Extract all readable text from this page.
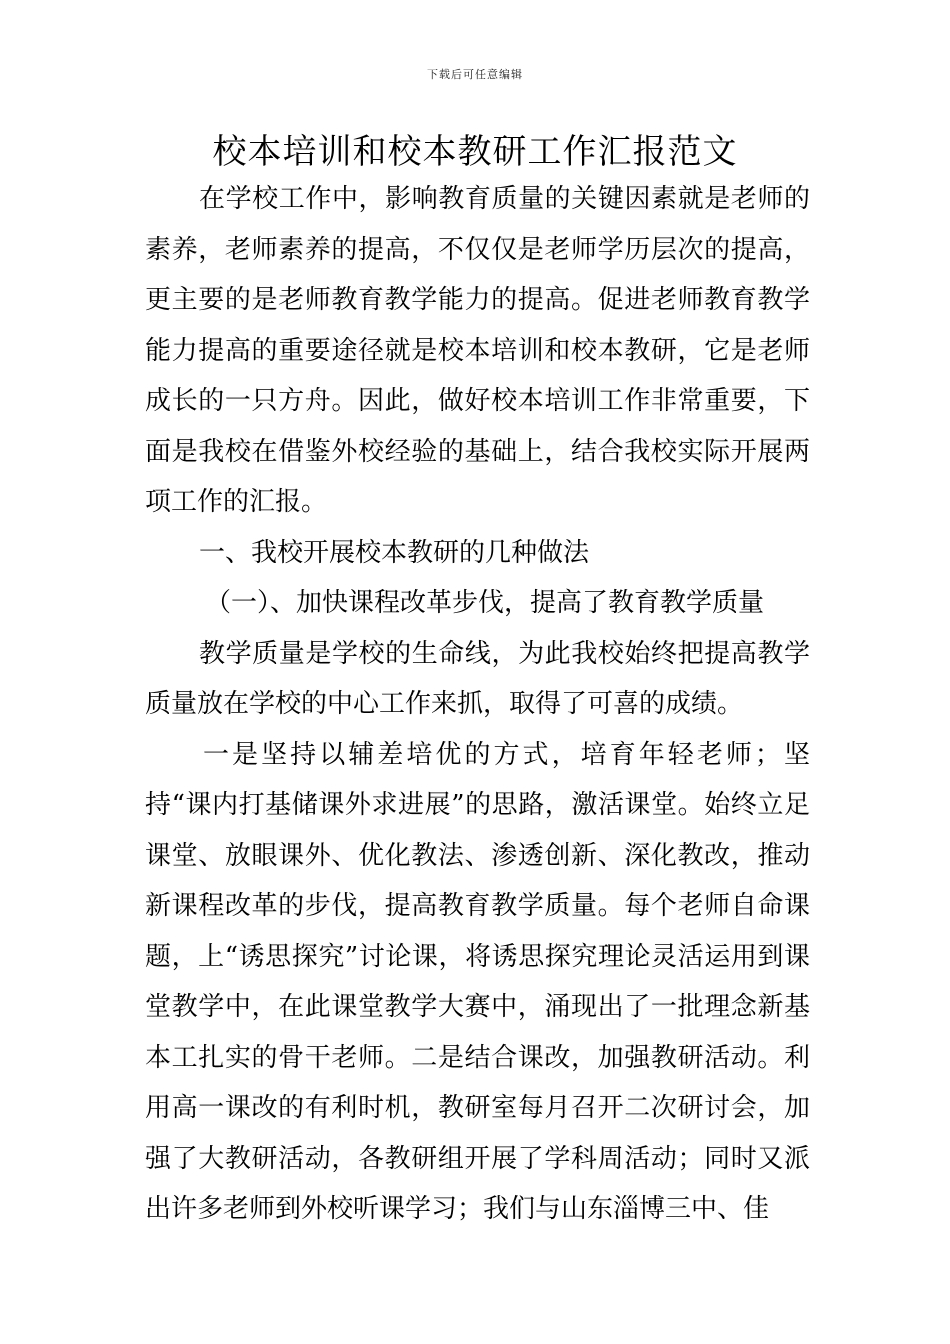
下载后可任意编辑
校本培训和校本教研工作汇报范文

在学校工作中，影响教育质量的关键因素就是老师的素养，老师素养的提高，不仅仅是老师学历层次的提高，更主要的是老师教育教学能力的提高。促进老师教育教学能力提高的重要途径就是校本培训和校本教研，它是老师成长的一只方舟。因此，做好校本培训工作非常重要，下面是我校在借鉴外校经验的基础上，结合我校实际开展两项工作的汇报。

一、我校开展校本教研的几种做法

（一）、加快课程改革步伐，提高了教育教学质量

教学质量是学校的生命线，为此我校始终把提高教学质量放在学校的中心工作来抓，取得了可喜的成绩。

一是坚持以辅差培优的方式，培育年轻老师；坚持“课内打基储课外求进展”的思路，激活课堂。始终立足课堂、放眼课外、优化教法、渗透创新、深化教改，推动新课程改革的步伐，提高教育教学质量。每个老师自命课题，上“诱思探究”讨论课，将诱思探究理论灵活运用到课堂教学中，在此课堂教学大赛中，涌现出了一批理念新基本工扎实的骨干老师。二是结合课改，加强教研活动。利用高一课改的有利时机，教研室每月召开二次研讨会，加强了大教研活动，各教研组开展了学科周活动；同时又派出许多老师到外校听课学习；我们与山东淄博三中、佳
